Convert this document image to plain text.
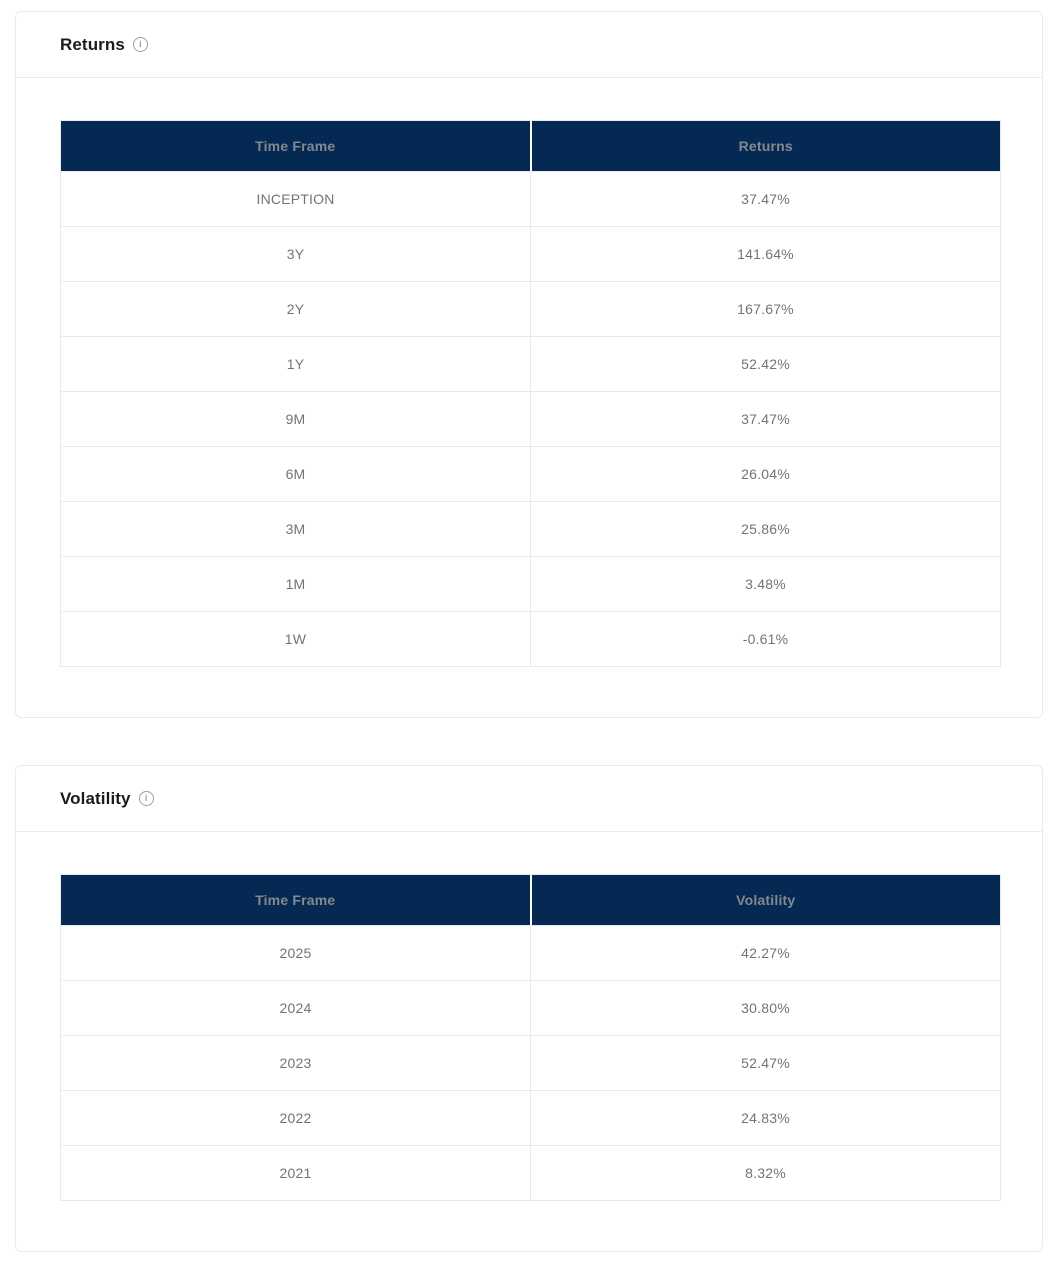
Returns	i
Time Frame	Returns
INCEPTION	37.47%
3Y	141.64%
2Y	167.67%
1Y	52.42%
9M	37.47%
6M	26.04%
3M	25.86%
1M	3.48%
1W	-0.61%
Volatility	i
Time Frame	Volatility
2025	42.27%
2024	30.80%
2023	52.47%
2022	24.83%
2021	8.32%
